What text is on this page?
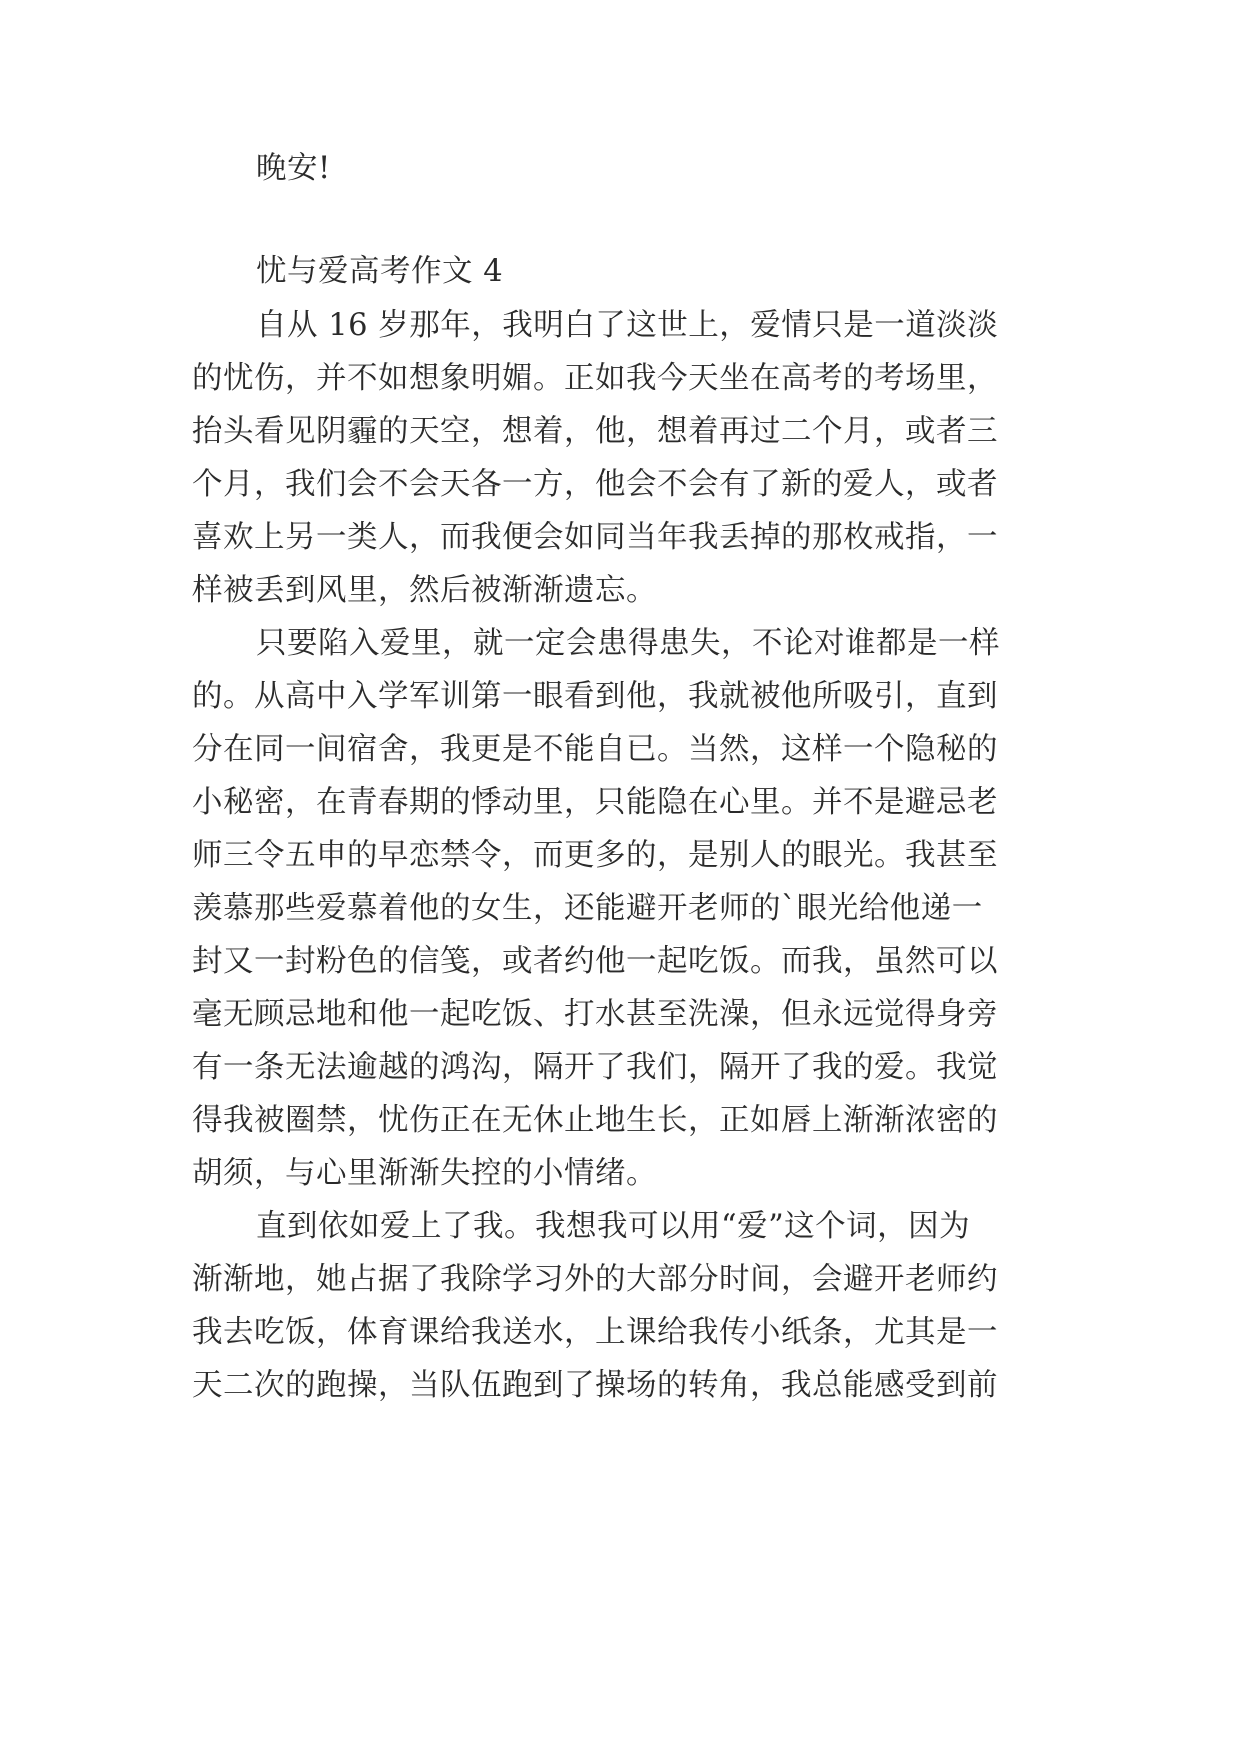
晚安!
忧与爱高考作文 4
自从 16 岁那年，我明白了这世上，爱情只是一道淡淡
的忧伤，并不如想象明媚。正如我今天坐在高考的考场里，
抬头看见阴霾的天空，想着，他，想着再过二个月，或者三
个月，我们会不会天各一方，他会不会有了新的爱人，或者
喜欢上另一类人，而我便会如同当年我丢掉的那枚戒指，一
样被丢到风里，然后被渐渐遗忘。
只要陷入爱里，就一定会患得患失，不论对谁都是一样
的。从高中入学军训第一眼看到他，我就被他所吸引，直到
分在同一间宿舍，我更是不能自已。当然，这样一个隐秘的
小秘密，在青春期的悸动里，只能隐在心里。并不是避忌老
师三令五申的早恋禁令，而更多的，是别人的眼光。我甚至
羡慕那些爱慕着他的女生，还能避开老师的`眼光给他递一
封又一封粉色的信笺，或者约他一起吃饭。而我，虽然可以
毫无顾忌地和他一起吃饭、打水甚至洗澡，但永远觉得身旁
有一条无法逾越的鸿沟，隔开了我们，隔开了我的爱。我觉
得我被圈禁，忧伤正在无休止地生长，正如唇上渐渐浓密的
胡须，与心里渐渐失控的小情绪。
直到依如爱上了我。我想我可以用“爱”这个词，因为
渐渐地，她占据了我除学习外的大部分时间，会避开老师约
我去吃饭，体育课给我送水，上课给我传小纸条，尤其是一
天二次的跑操，当队伍跑到了操场的转角，我总能感受到前
